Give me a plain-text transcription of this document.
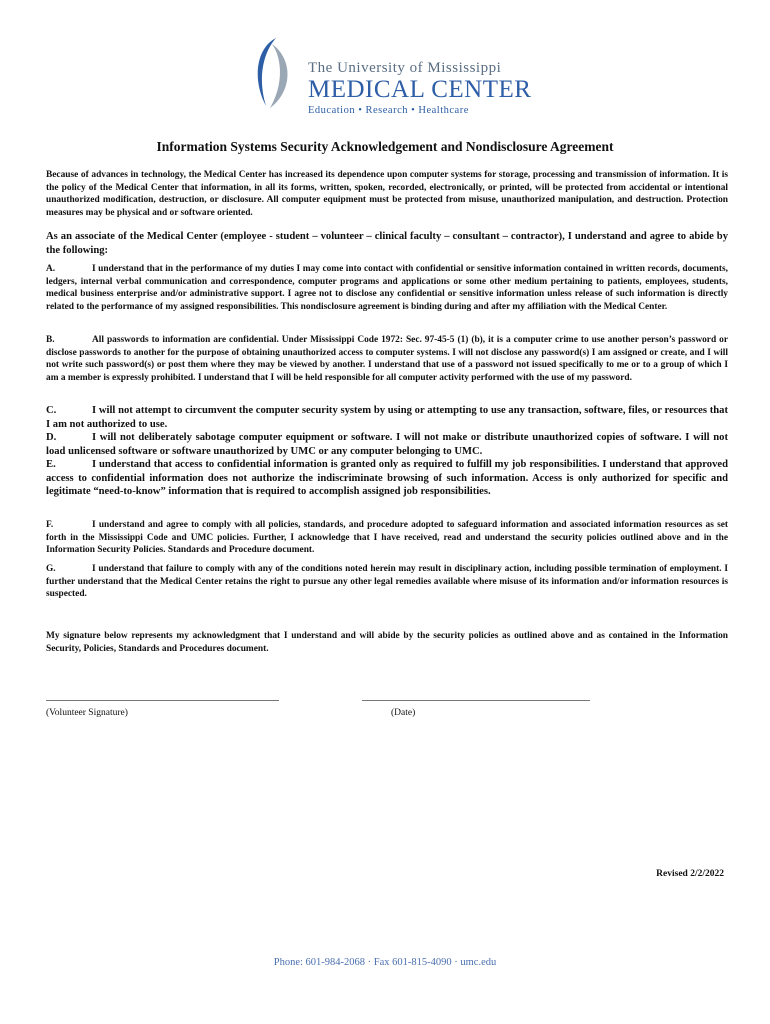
The University of Mississippi
MEDICAL CENTER
Education • Research • Healthcare
Information Systems Security Acknowledgement and Nondisclosure Agreement

Because of advances in technology, the Medical Center has increased its dependence upon computer systems for storage, processing and transmission of information. It is the policy of the Medical Center that information, in all its forms, written, spoken, recorded, electronically, or printed, will be protected from accidental or intentional unauthorized modification, destruction, or disclosure. All computer equipment must be protected from misuse, unauthorized manipulation, and destruction. Protection measures may be physical and or software oriented.

As an associate of the Medical Center (employee - student – volunteer – clinical faculty – consultant – contractor), I understand and agree to abide by the following:

A.	I understand that in the performance of my duties I may come into contact with confidential or sensitive information contained in written records, documents, ledgers, internal verbal communication and correspondence, computer programs and applications or some other medium pertaining to patients, employees, students, medical business enterprise and/or administrative support. I agree not to disclose any confidential or sensitive information unless release of such information is directly related to the performance of my assigned responsibilities. This nondisclosure agreement is binding during and after my affiliation with the Medical Center.

B.	All passwords to information are confidential. Under Mississippi Code 1972: Sec. 97-45-5 (1) (b), it is a computer crime to use another person’s password or disclose passwords to another for the purpose of obtaining unauthorized access to computer systems. I will not disclose any password(s) I am assigned or create, and I will not write such password(s) or post them where they may be viewed by another. I understand that use of a password not issued specifically to me or to a group of which I am a member is expressly prohibited. I understand that I will be held responsible for all computer activity performed with the use of my password.

C.	I will not attempt to circumvent the computer security system by using or attempting to use any transaction, software, files, or resources that I am not authorized to use.

D.	I will not deliberately sabotage computer equipment or software. I will not make or distribute unauthorized copies of software. I will not load unlicensed software or software unauthorized by UMC or any computer belonging to UMC.

E.	I understand that access to confidential information is granted only as required to fulfill my job responsibilities. I understand that approved access to confidential information does not authorize the indiscriminate browsing of such information. Access is only authorized for specific and legitimate “need-to-know” information that is required to accomplish assigned job responsibilities.

F.	I understand and agree to comply with all policies, standards, and procedure adopted to safeguard information and associated information resources as set forth in the Mississippi Code and UMC policies. Further, I acknowledge that I have received, read and understand the security policies outlined above and in the Information Security Policies. Standards and Procedure document.

G.	I understand that failure to comply with any of the conditions noted herein may result in disciplinary action, including possible termination of employment. I further understand that the Medical Center retains the right to pursue any other legal remedies available where misuse of its information and/or information resources is suspected.

My signature below represents my acknowledgment that I understand and will abide by the security policies as outlined above and as contained in the Information Security, Policies, Standards and Procedures document.

(Volunteer Signature)	(Date)
Revised 2/2/2022
Phone: 601-984-2068 · Fax 601-815-4090 · umc.edu
